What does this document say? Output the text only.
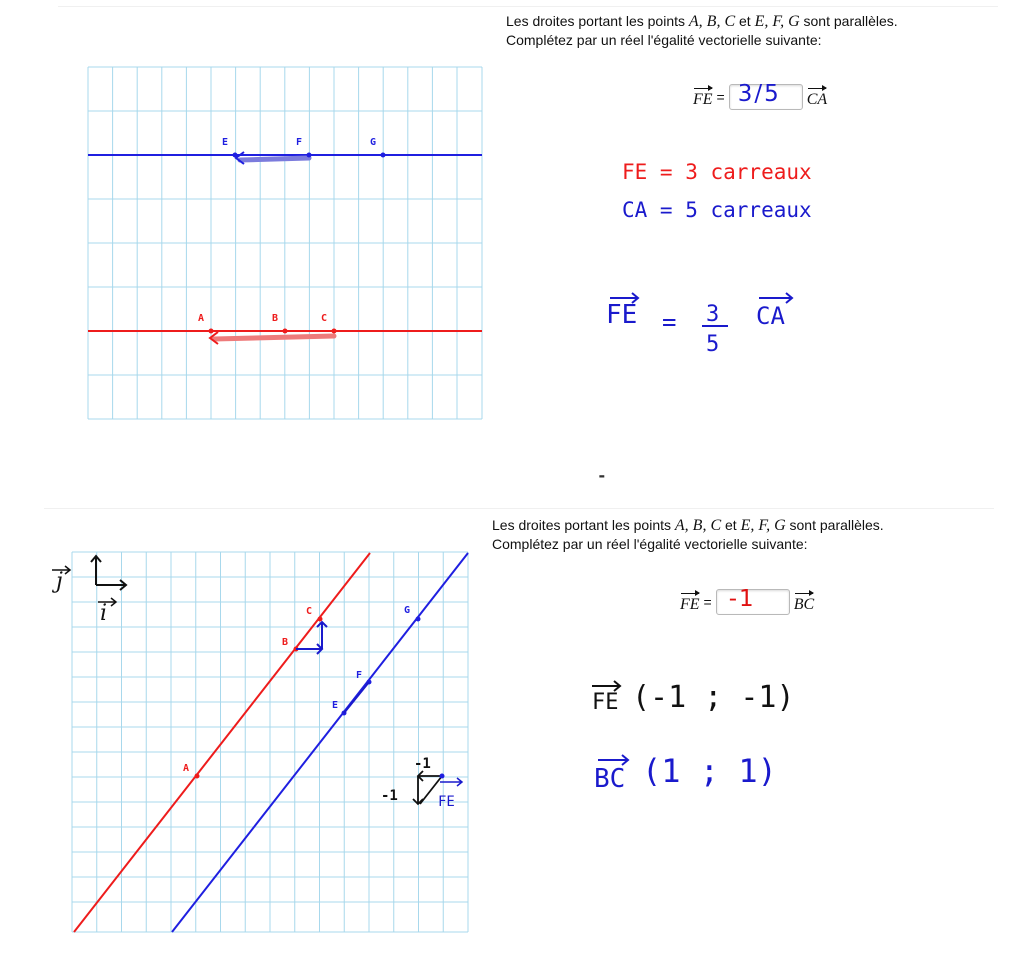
Les droites portant les points A, B, C et E, F, G sont parallèles.
Complétez par un réel l'égalité vectorielle suivante:
FE = 3/5 CA
E	F	G
A	B	C
FE = 3 carreaux
CA = 5 carreaux
FE = 3
5
CA
-
Les droites portant les points A, B, C et E, F, G sont parallèles.
Complétez par un réel l'égalité vectorielle suivante:
FE = -1 BC
A
B
C
E
F
G
j
i
-1
-1	FE
FE (-1 ; -1)
BC (1 ; 1)
